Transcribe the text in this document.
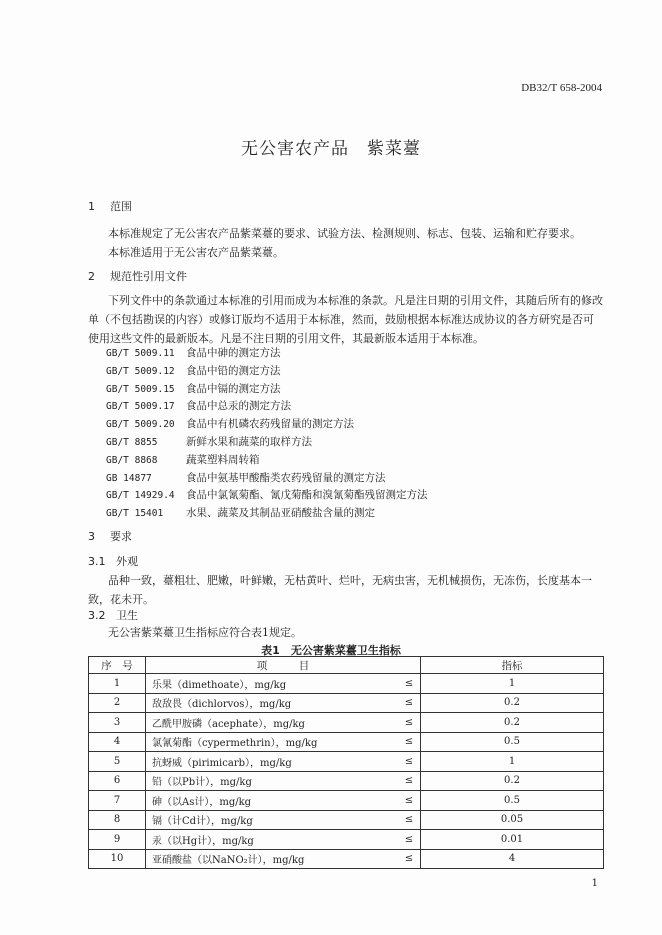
DB32/T 658-2004
无公害农产品　紫菜薹
1 范围

本标准规定了无公害农产品紫菜薹的要求、试验方法、检测规则、标志、包装、运输和贮存要求。

本标准适用于无公害农产品紫菜薹。

2 规范性引用文件

下列文件中的条款通过本标准的引用而成为本标准的条款。凡是注日期的引用文件，其随后所有的修改单（不包括勘误的内容）或修订版均不适用于本标准，然而，鼓励根据本标准达成协议的各方研究是否可使用这些文件的最新版本。凡是不注日期的引用文件，其最新版本适用于本标准。

GB/T 5009.11 食品中砷的测定方法
GB/T 5009.12 食品中铅的测定方法
GB/T 5009.15 食品中镉的测定方法
GB/T 5009.17 食品中总汞的测定方法
GB/T 5009.20 食品中有机磷农药残留量的测定方法
GB/T 8855	新鲜水果和蔬菜的取样方法
GB/T 8868	蔬菜塑料周转箱
GB 14877	食品中氨基甲酸酯类农药残留量的测定方法
GB/T 14929.4 食品中氯氰菊酯、氰戊菊酯和溴氰菊酯残留测定方法
GB/T 15401 水果、蔬菜及其制品亚硝酸盐含量的测定
3 要求
3.1 外观

品种一致，薹粗壮、肥嫩，叶鲜嫩，无枯黄叶、烂叶，无病虫害，无机械损伤，无冻伤，长度基本一致，花未开。

3.2 卫生

无公害紫菜薹卫生指标应符合表1规定。

表1　无公害紫菜薹卫生指标
序　号	项　　　目		指标
1	乐果（dimethoate），mg/kg	≤	1
2	敌敌畏（dichlorvos），mg/kg	≤	0.2
3	乙酰甲胺磷（acephate），mg/kg	≤	0.2
4	氯氰菊酯（cypermethrin），mg/kg	≤	0.5
5	抗蚜威（pirimicarb），mg/kg	≤	1
6	铅（以Pb计），mg/kg	≤	0.2
7	砷（以As计），mg/kg	≤	0.5
8	镉（计Cd计），mg/kg	≤	0.05
9	汞（以Hg计），mg/kg	≤	0.01
10	亚硝酸盐（以NaNO₂计），mg/kg	≤	4
1
